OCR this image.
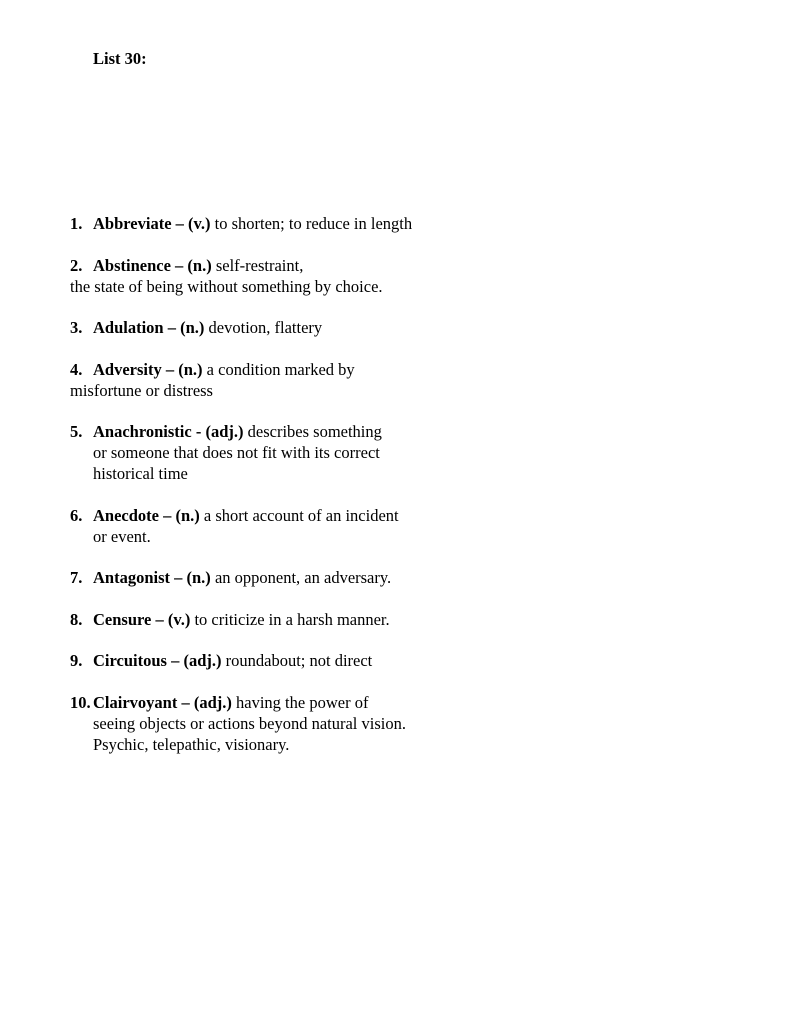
List 30:
1. Abbreviate – (v.) to shorten; to reduce in length
2. Abstinence – (n.) self-restraint,
the state of being without something by choice.
3. Adulation – (n.) devotion, flattery
4. Adversity – (n.) a condition marked by
misfortune or distress
5. Anachronistic - (adj.) describes something
or someone that does not fit with its correct
historical time
6. Anecdote – (n.) a short account of an incident
or event.
7. Antagonist – (n.) an opponent, an adversary.
8. Censure – (v.) to criticize in a harsh manner.
9. Circuitous – (adj.) roundabout; not direct
10. Clairvoyant – (adj.) having the power of
seeing objects or actions beyond natural vision.
Psychic, telepathic, visionary.
